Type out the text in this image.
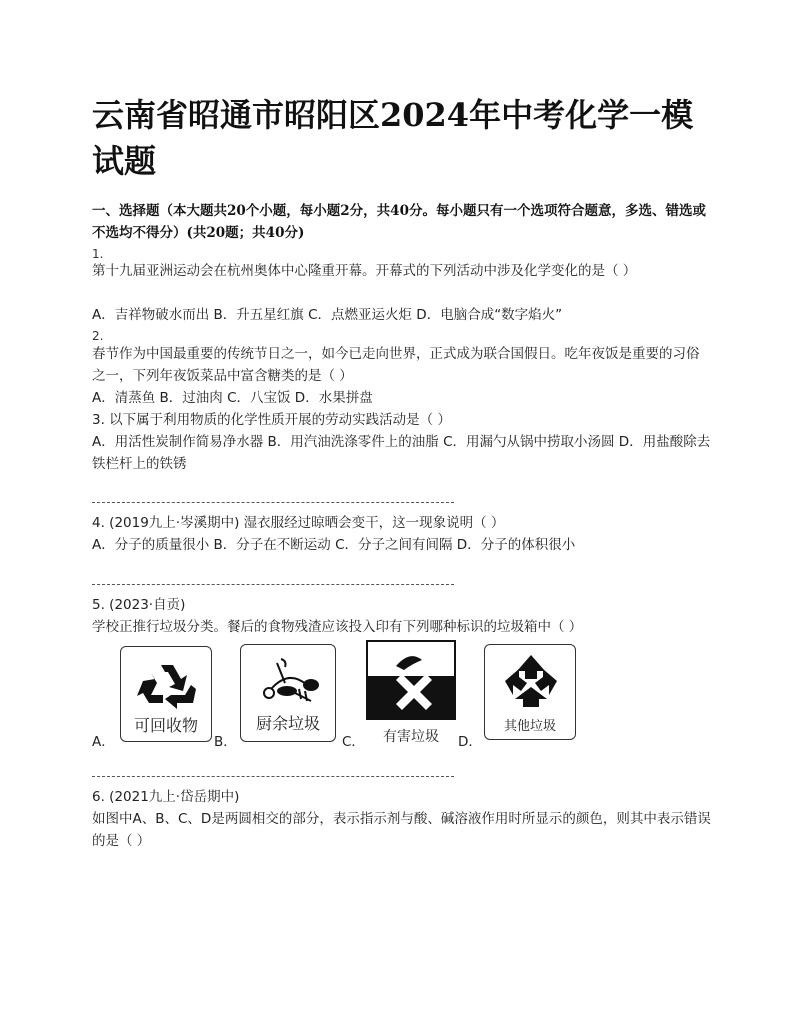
云南省昭通市昭阳区2024年中考化学一模试题
一、选择题（本大题共20个小题，每小题2分，共40分。每小题只有一个选项符合题意，多选、错选或不选均不得分）(共20题；共40分)
1.
第十九届亚洲运动会在杭州奥体中心隆重开幕。开幕式的下列活动中涉及化学变化的是（ ）
A．吉祥物破水而出 B．升五星红旗 C．点燃亚运火炬 D．电脑合成“数字焰火”
2.
春节作为中国最重要的传统节日之一，如今已走向世界，正式成为联合国假日。吃年夜饭是重要的习俗之一，下列年夜饭菜品中富含糖类的是（ ）
A．清蒸鱼 B．过油肉 C．八宝饭 D．水果拼盘
3. 以下属于利用物质的化学性质开展的劳动实践活动是（ ）
A．用活性炭制作简易净水器 B．用汽油洗涤零件上的油脂 C．用漏勺从锅中捞取小汤圆 D．用盐酸除去铁栏杆上的铁锈
4. (2019九上·岑溪期中) 湿衣服经过晾晒会变干，这一现象说明（ ）
A．分子的质量很小 B．分子在不断运动 C．分子之间有间隔 D．分子的体积很小
5. (2023·自贡)
学校正推行垃圾分类。餐后的食物残渣应该投入印有下列哪种标识的垃圾箱中（ ）
A．
可回收物
B．
厨余垃圾
C．	有害垃圾	D．
其他垃圾
6. (2021九上·岱岳期中)
如图中A、B、C、D是两圆相交的部分，表示指示剂与酸、碱溶液作用时所显示的颜色，则其中表示错误的是（ ）
